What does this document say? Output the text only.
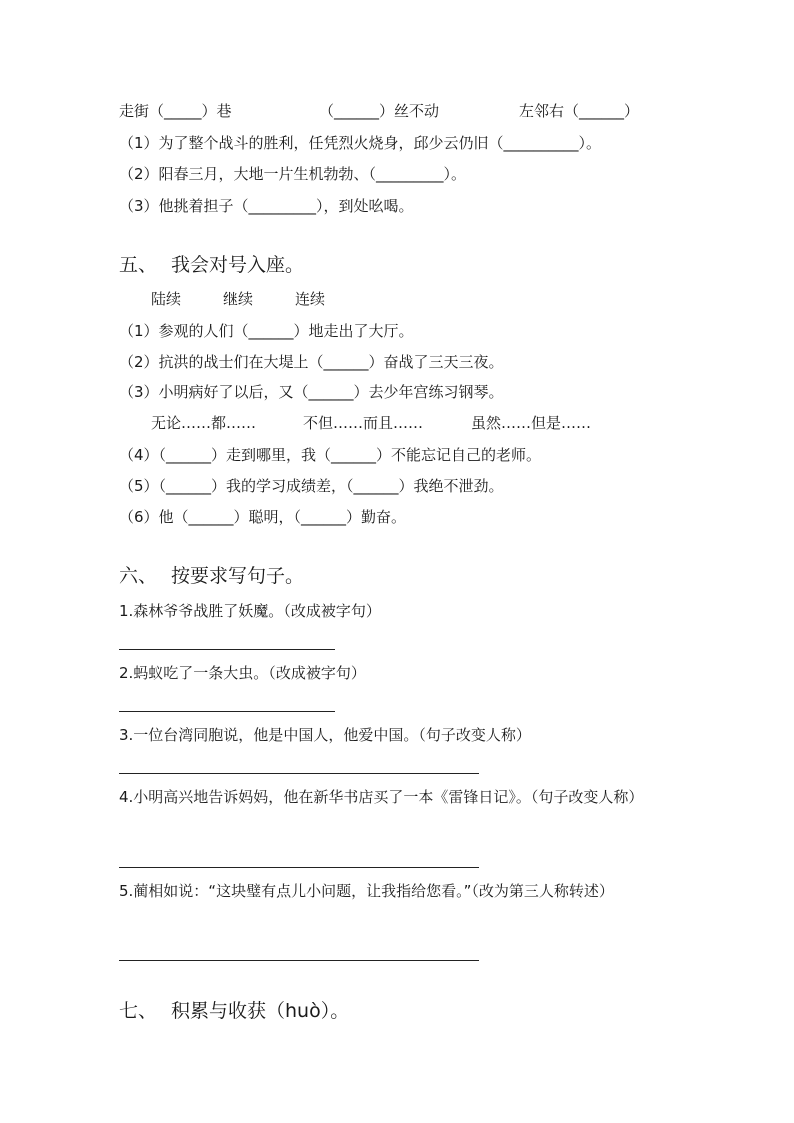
走街（_____）巷	（______）丝不动	左邻右（______）
（1）为了整个战斗的胜利，任凭烈火烧身，邱少云仍旧（__________）。
（2）阳春三月，大地一片生机勃勃、（_________）。
（3）他挑着担子（_________），到处吆喝。
五、 我会对号入座。
陆续	继续	连续
（1）参观的人们（______）地走出了大厅。
（2）抗洪的战士们在大堤上（______）奋战了三天三夜。
（3）小明病好了以后，又（______）去少年宫练习钢琴。
无论……都……	不但……而且……	虽然……但是……
（4）（______）走到哪里，我（______）不能忘记自己的老师。
（5）（______）我的学习成绩差，（______）我绝不泄劲。
（6）他（______）聪明，（______）勤奋。
六、 按要求写句子。
1.森林爷爷战胜了妖魔。（改成被字句）
2.蚂蚁吃了一条大虫。（改成被字句）
3.一位台湾同胞说，他是中国人，他爱中国。（句子改变人称）
4.小明高兴地告诉妈妈，他在新华书店买了一本《雷锋日记》。（句子改变人称）
5.蔺相如说：“这块璧有点儿小问题，让我指给您看。”（改为第三人称转述）
七、 积累与收获（huò）。
